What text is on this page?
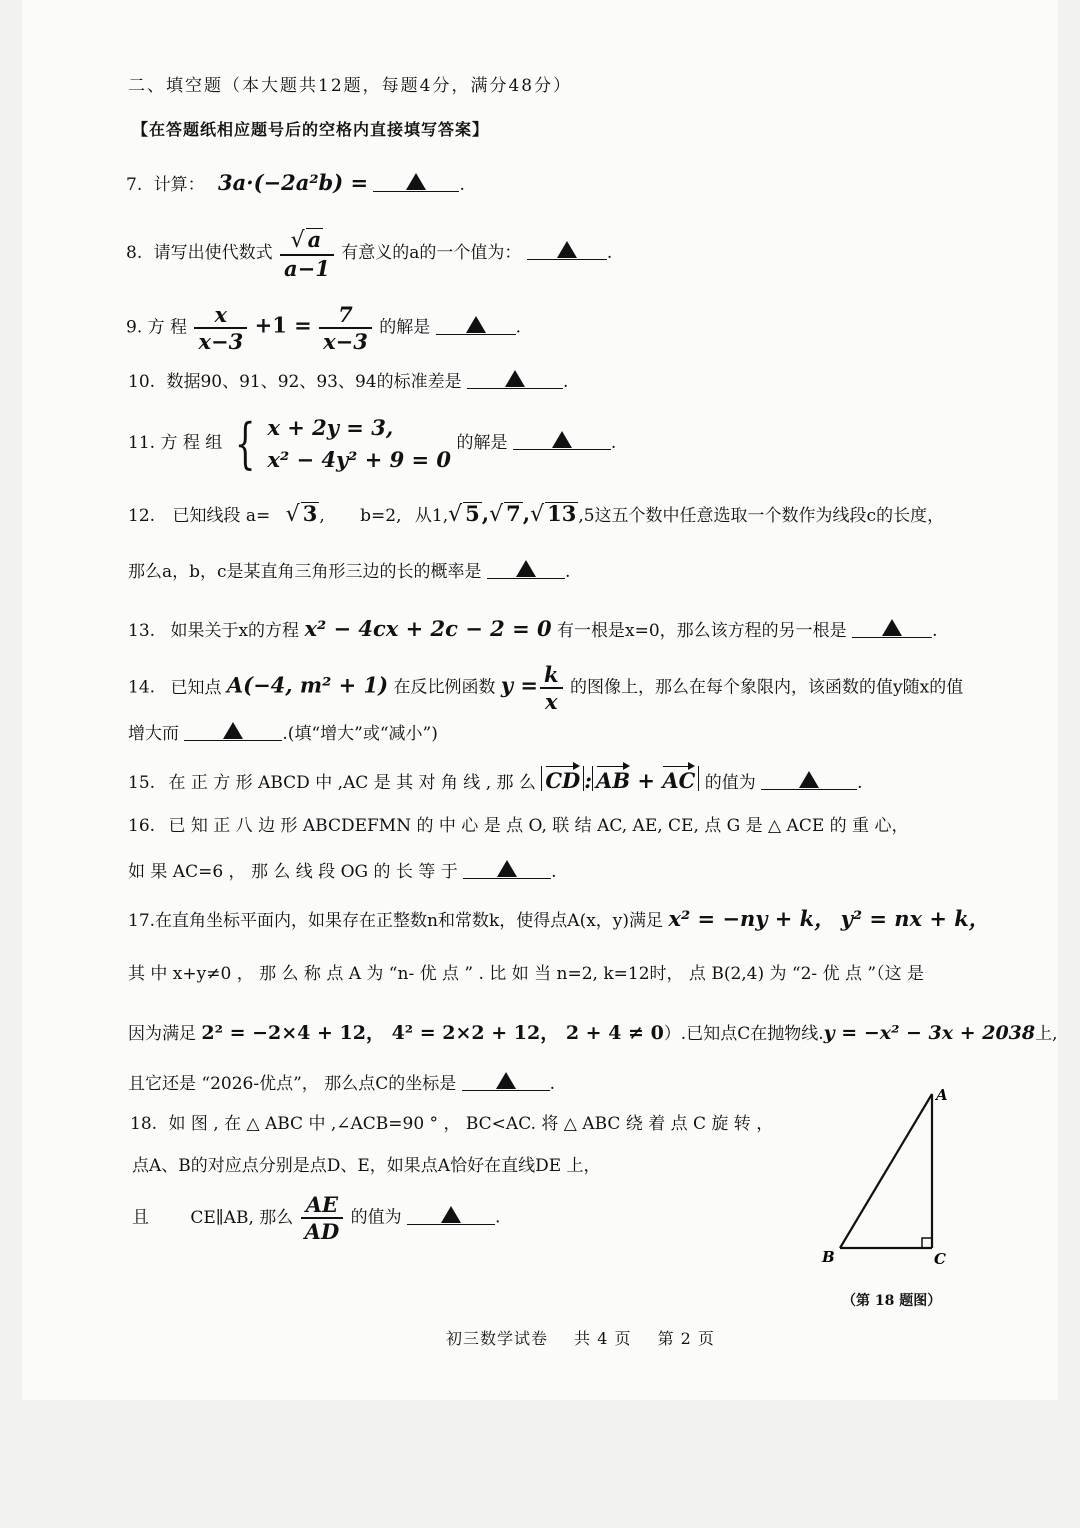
二、填空题（本大题共12题，每题4分，满分48分）
【在答题纸相应题号后的空格内直接填写答案】
7. 计算： 3a·(−2a²b) =	.
8. 请写出使代数式 $\frac{√ a}{a-1}$ 有意义的a的一个值为：	.
9. 方 程 $\frac{x}{x-3} +1 = \frac{7}{x-3}$ 的解是	.
10. 数据90、91、92、93、94的标准差是	.
11. 方 程 组 { x + 2y = 3,
x² − 4y² + 9 = 0
的解是	.
12. 已知线段 a= √ 3 , b=2, 从1,√ 5,√ 7,√ 13 ,5这五个数中任意选取一个数作为线段c的长度，
那么a，b，c是某直角三角形三边的长的概率是	.
13. 如果关于x的方程 x² − 4cx + 2c − 2 = 0 有一根是x=0，那么该方程的另一根是	.
14. 已知点 A(−4, m² + 1) 在反比例函数 $y = \frac{k}{x}$ 的图像上，那么在每个象限内，该函数的值y随x的值
增大而	.(填“增大”或“减小”)
15. 在 正 方 形 ABCD 中 ,AC 是 其 对 角 线 , 那 么 CD : AB + AC 的值为	.
16. 已 知 正 八 边 形 ABCDEFMN 的 中 心 是 点 O, 联 结 AC, AE, CE, 点 G 是 △ ACE 的 重 心，
如 果 AC=6 ， 那 么 线 段 OG 的 长 等 于	.
17.在直角坐标平面内，如果存在正整数n和常数k，使得点A(x，y)满足 x² = −ny + k， y² = nx + k，
其 中 x+y≠0 ， 那 么 称 点 A 为 “n- 优 点 ” . 比 如 当 n=2, k=12时， 点 B(2,4) 为 “2- 优 点 ”（这 是
因为满足 2² = −2×4 + 12， 4² = 2×2 + 12， 2 + 4 ≠ 0）.已知点C在抛物线.y = −x² − 3x + 2038上,
且它还是 “2026-优点”， 那么点C的坐标是	.
18. 如 图 , 在 △ ABC 中 ,∠ACB=90 ° ， BC<AC. 将 △ ABC 绕 着 点 C 旋 转 ，
点A、B的对应点分别是点D、E，如果点A恰好在直线DE 上，
且 CE∥AB, 那么 $\frac{AE}{AD}$ 的值为	.
A
B	C
（第 18 题图）
初三数学试卷 共 4 页 第 2 页
